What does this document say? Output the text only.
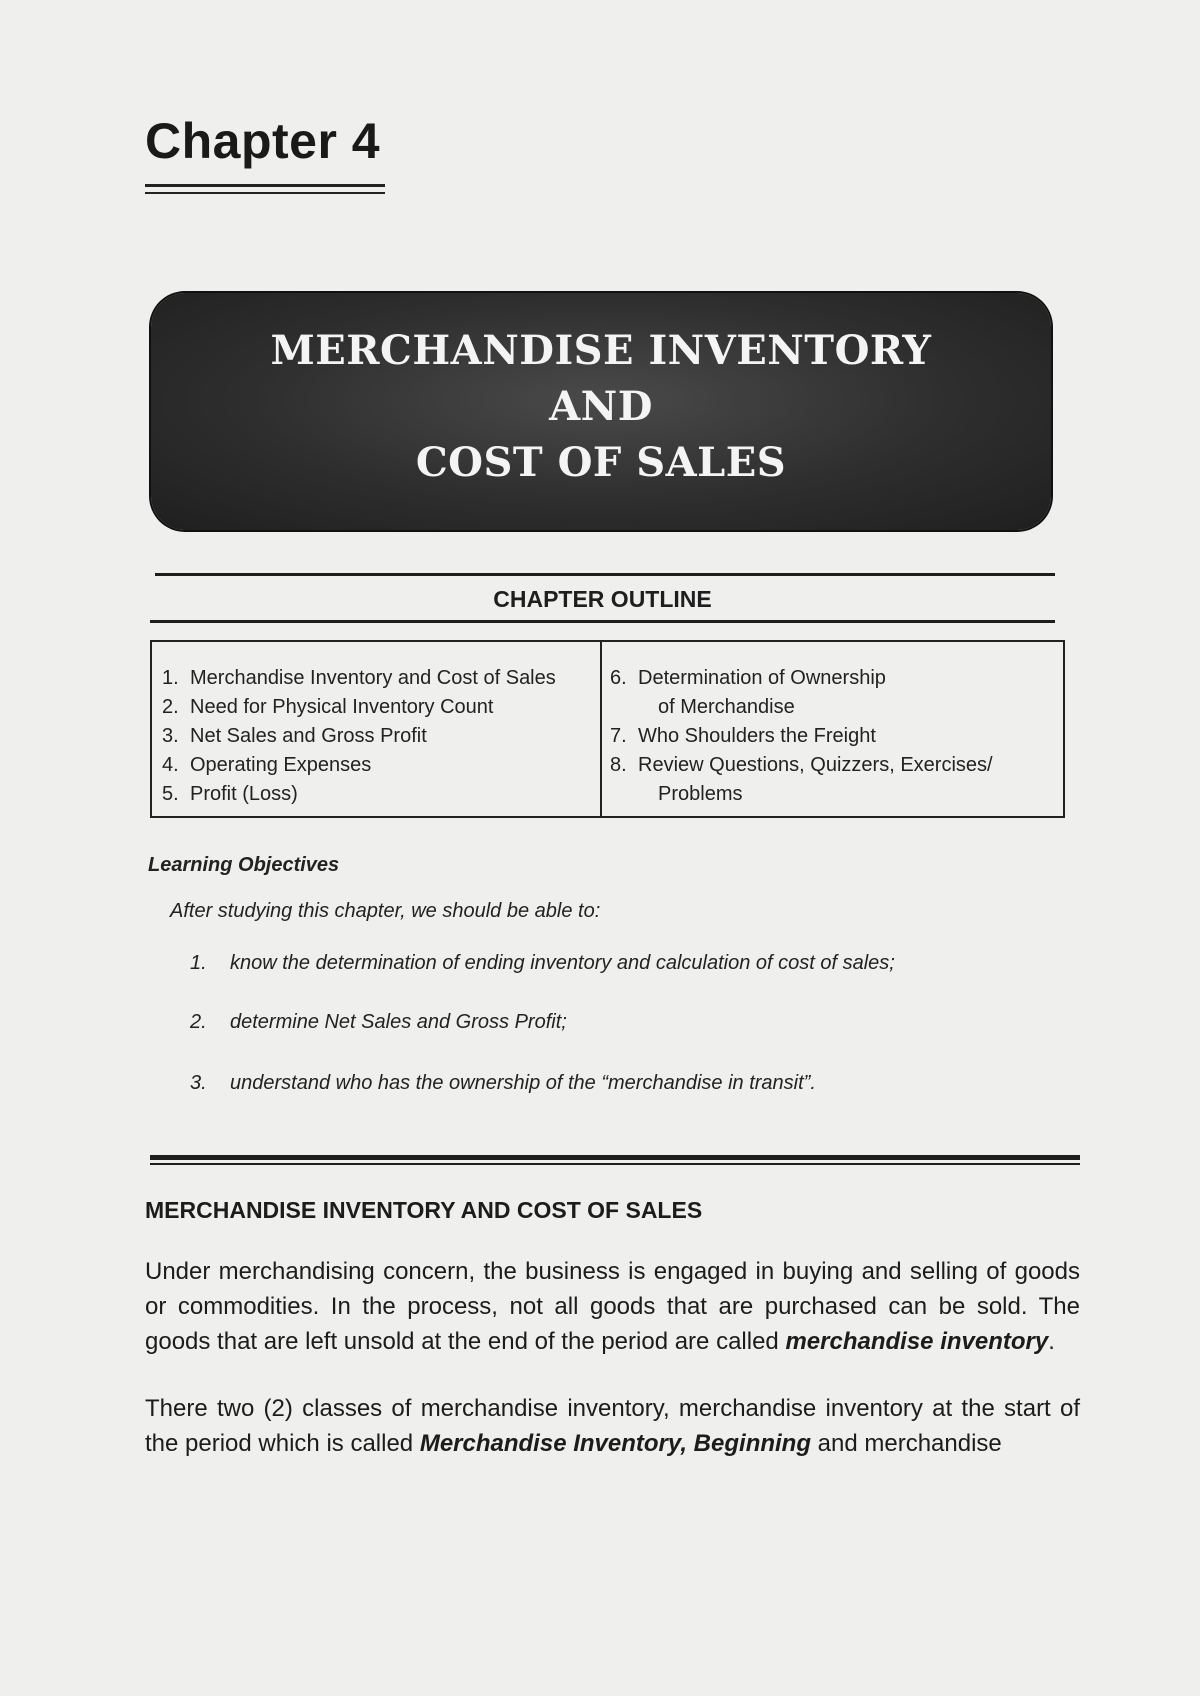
Chapter 4
MERCHANDISE INVENTORY
AND
COST OF SALES
CHAPTER OUTLINE
1. Merchandise Inventory and Cost of Sales
2. Need for Physical Inventory Count
3. Net Sales and Gross Profit
4. Operating Expenses
5. Profit (Loss)
6. Determination of Ownership
of Merchandise
7. Who Shoulders the Freight
8. Review Questions, Quizzers, Exercises/
Problems
Learning Objectives
After studying this chapter, we should be able to:
1. know the determination of ending inventory and calculation of cost of sales;
2. determine Net Sales and Gross Profit;
3. understand who has the ownership of the “merchandise in transit”.
MERCHANDISE INVENTORY AND COST OF SALES
Under merchandising concern, the business is engaged in buying and selling of goods or commodities. In the process, not all goods that are purchased can be sold. The goods that are left unsold at the end of the period are called merchandise inventory.
There two (2) classes of merchandise inventory, merchandise inventory at the start of the period which is called Merchandise Inventory, Beginning and merchandise
